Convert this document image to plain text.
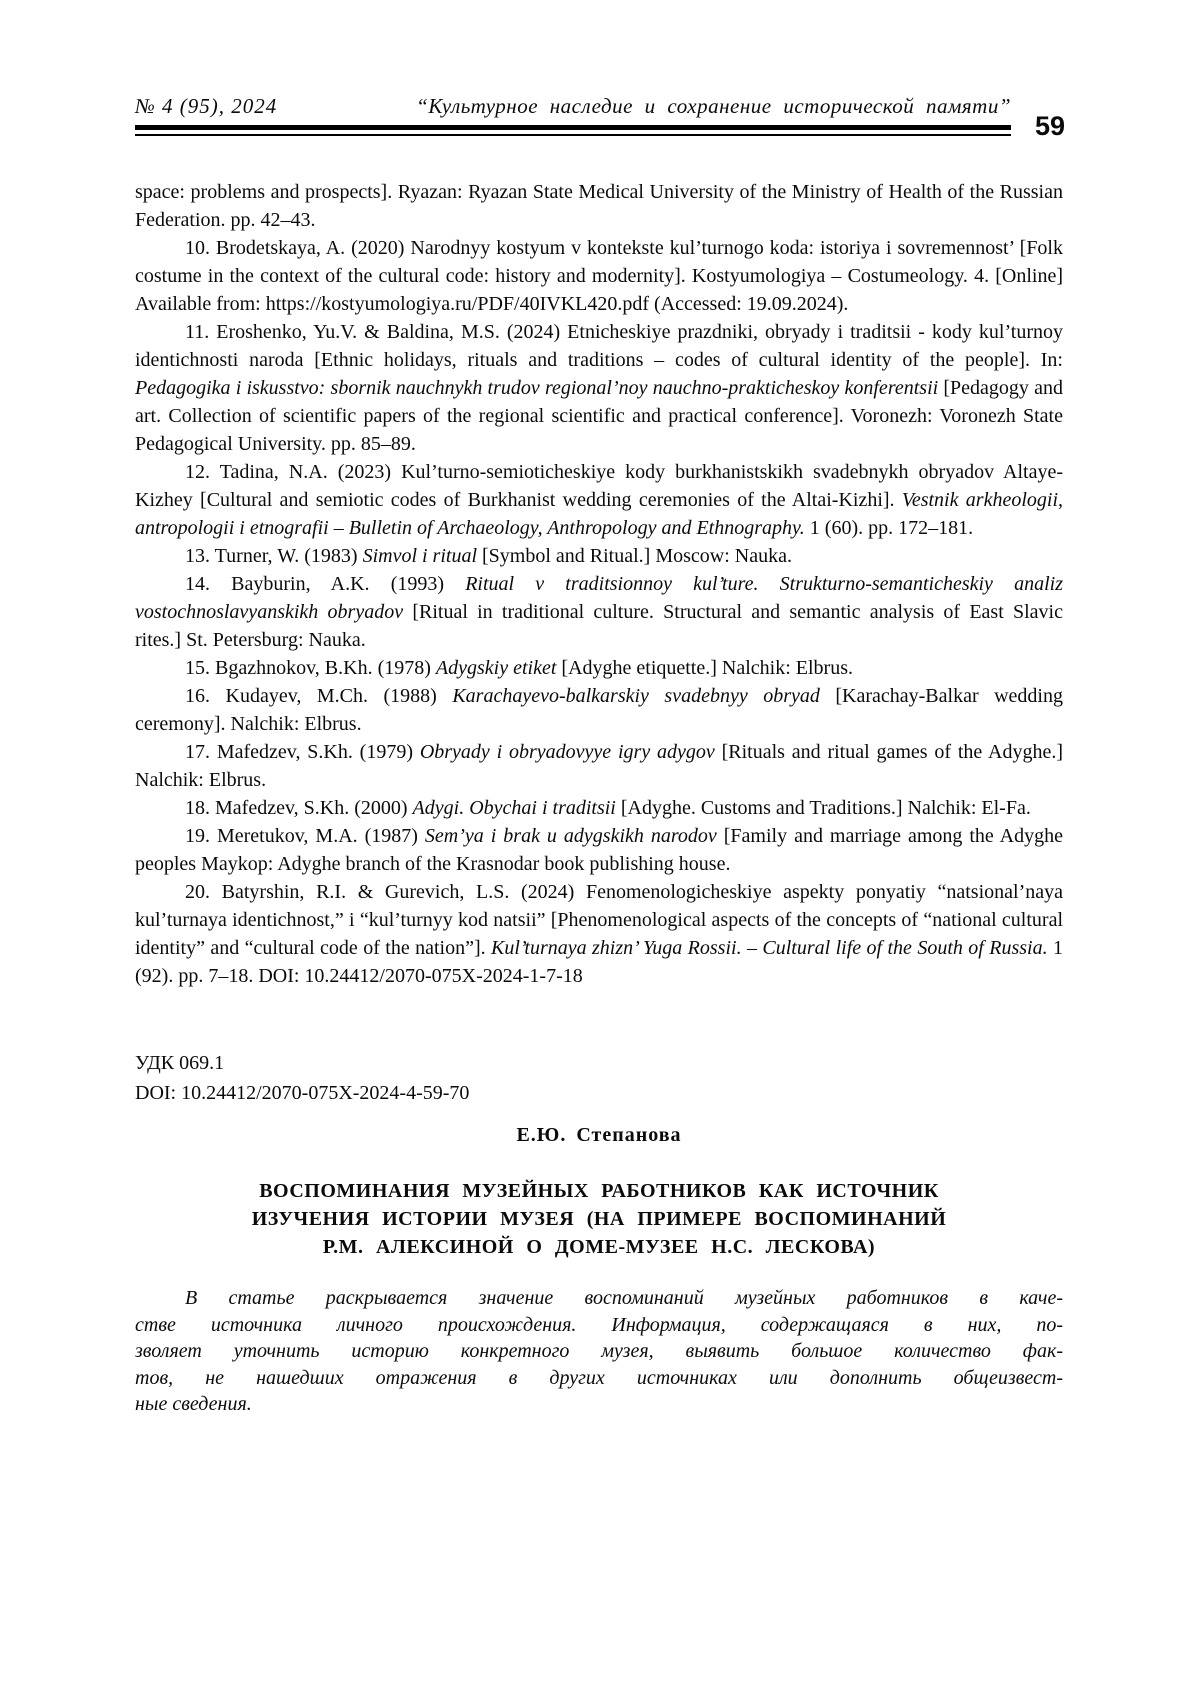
№ 4 (95), 2024	“Культурное наследие и сохранение исторической памяти”
59

space: problems and prospects]. Ryazan: Ryazan State Medical University of the Ministry of Health of the Russian Federation. pp. 42–43.

10. Brodetskaya, A. (2020) Narodnyy kostyum v kontekste kul’turnogo koda: istoriya i sovremennost’ [Folk costume in the context of the cultural code: history and modernity]. Kostyumologiya – Costumeology. 4. [Online] Available from: https://kostyumologiya.ru/PDF/40IVKL420.pdf (Accessed: 19.09.2024).

11. Eroshenko, Yu.V. & Baldina, M.S. (2024) Etnicheskiye prazdniki, obryady i traditsii - kody kul’turnoy identichnosti naroda [Ethnic holidays, rituals and traditions – codes of cultural identity of the people]. In: Pedagogika i iskusstvo: sbornik nauchnykh trudov regional’noy nauchno-prakticheskoy konferentsii [Pedagogy and art. Collection of scientific papers of the regional scientific and practical conference]. Voronezh: Voronezh State Pedagogical University. pp. 85–89.

12. Tadina, N.A. (2023) Kul’turno-semioticheskiye kody burkhanistskikh svadebnykh obryadov Altaye-Kizhey [Cultural and semiotic codes of Burkhanist wedding ceremonies of the Altai-Kizhi]. Vestnik arkheologii, antropologii i etnografii – Bulletin of Archaeology, Anthropology and Ethnography. 1 (60). pp. 172–181.

13. Turner, W. (1983) Simvol i ritual [Symbol and Ritual.] Moscow: Nauka.

14. Bayburin, A.K. (1993) Ritual v traditsionnoy kul’ture. Strukturno-semanticheskiy analiz vostochnoslavyanskikh obryadov [Ritual in traditional culture. Structural and semantic analysis of East Slavic rites.] St. Petersburg: Nauka.

15. Bgazhnokov, B.Kh. (1978) Adygskiy etiket [Adyghe etiquette.] Nalchik: Elbrus.

16. Kudayev, M.Ch. (1988) Karachayevo-balkarskiy svadebnyy obryad [Karachay-Balkar wedding ceremony]. Nalchik: Elbrus.

17. Mafedzev, S.Kh. (1979) Obryady i obryadovyye igry adygov [Rituals and ritual games of the Adyghe.] Nalchik: Elbrus.

18. Mafedzev, S.Kh. (2000) Adygi. Obychai i traditsii [Adyghe. Customs and Traditions.] Nalchik: El-Fa.

19. Meretukov, M.A. (1987) Sem’ya i brak u adygskikh narodov [Family and marriage among the Adyghe peoples Maykop: Adyghe branch of the Krasnodar book publishing house.

20. Batyrshin, R.I. & Gurevich, L.S. (2024) Fenomenologicheskiye aspekty ponyatiy “natsional’naya kul’turnaya identichnost,” i “kul’turnyy kod natsii” [Phenomenological aspects of the concepts of “national cultural identity” and “cultural code of the nation”]. Kul’turnaya zhizn’ Yuga Rossii. – Cultural life of the South of Russia. 1 (92). pp. 7–18. DOI: 10.24412/2070-075X-2024-1-7-18

УДК 069.1
DOI: 10.24412/2070-075X-2024-4-59-70
Е.Ю. Степанова
ВОСПОМИНАНИЯ МУЗЕЙНЫХ РАБОТНИКОВ КАК ИСТОЧНИК
ИЗУЧЕНИЯ ИСТОРИИ МУЗЕЯ (НА ПРИМЕРЕ ВОСПОМИНАНИЙ
Р.М. АЛЕКСИНОЙ О ДОМЕ-МУЗЕЕ Н.С. ЛЕСКОВА)
В статье раскрывается значение воспоминаний музейных работников в каче-
стве источника личного происхождения. Информация, содержащаяся в них, по-
зволяет уточнить историю конкретного музея, выявить большое количество фак-
тов, не нашедших отражения в других источниках или дополнить общеизвест-
ные сведения.
